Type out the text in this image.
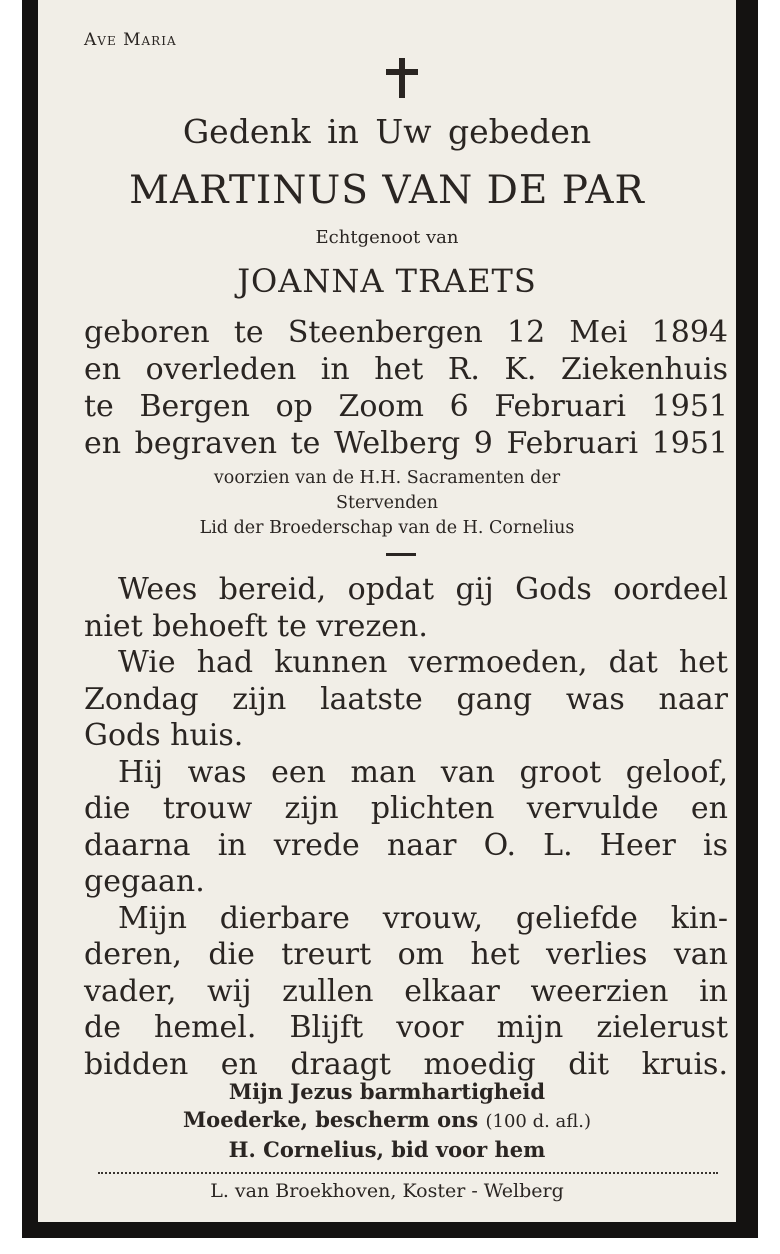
Ave Maria
Gedenk in Uw gebeden
MARTINUS VAN DE PAR
Echtgenoot van
JOANNA TRAETS
geboren te Steenbergen 12 Mei 1894
en overleden in het R. K. Ziekenhuis
te Bergen op Zoom 6 Februari 1951
en begraven te Welberg 9 Februari 1951
voorzien van de H.H. Sacramenten der
Stervenden
Lid der Broederschap van de H. Cornelius
Wees bereid, opdat gij Gods oordeel
niet behoeft te vrezen.
Wie had kunnen vermoeden, dat het
Zondag zijn laatste gang was naar
Gods huis.
Hij was een man van groot geloof,
die trouw zijn plichten vervulde en
daarna in vrede naar O. L. Heer is
gegaan.
Mijn dierbare vrouw, geliefde kin-
deren, die treurt om het verlies van
vader, wij zullen elkaar weerzien in
de hemel. Blijft voor mijn zielerust
bidden en draagt moedig dit kruis.
Mijn Jezus barmhartigheid
Moederke, bescherm ons (100 d. afl.)
H. Cornelius, bid voor hem
L. van Broekhoven, Koster - Welberg
